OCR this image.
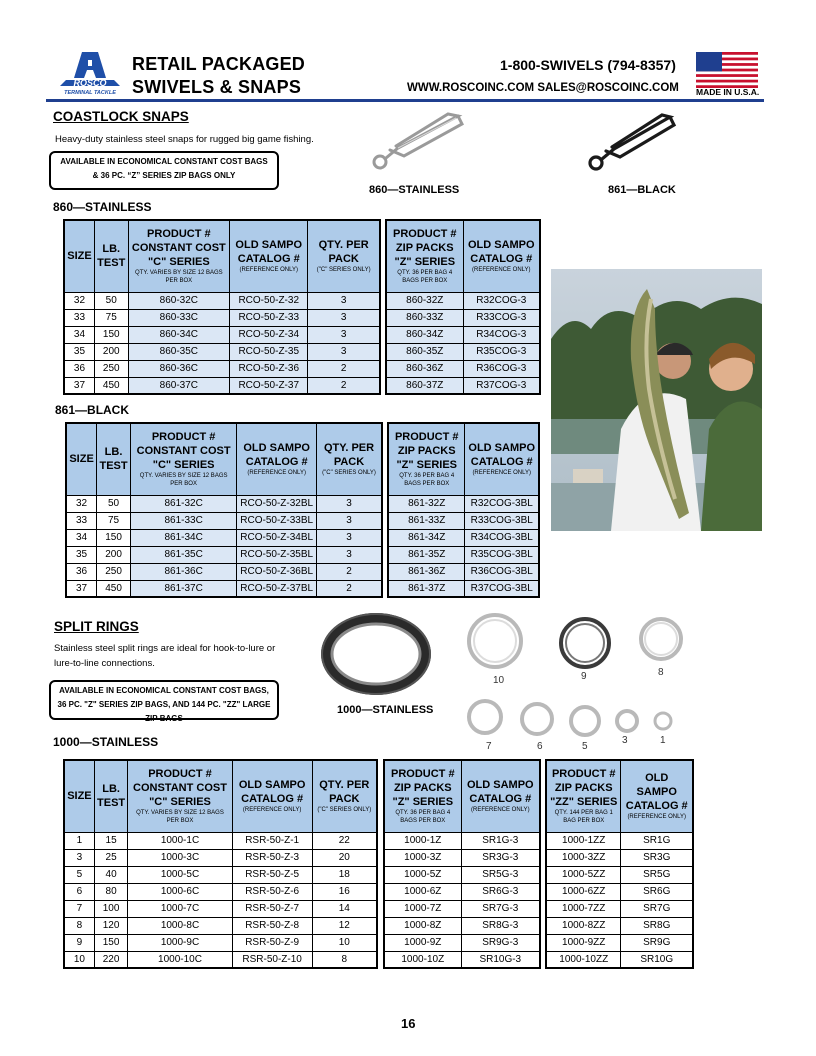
ROSCO
TERMINAL TACKLE
RETAIL PACKAGED
SWIVELS & SNAPS
1-800-SWIVELS (794-8357)
WWW.ROSCOINC.COM SALES@ROSCOINC.COM MADE IN U.S.A.
COASTLOCK SNAPS
Heavy-duty stainless steel snaps for rugged big game fishing.
AVAILABLE IN ECONOMICAL CONSTANT COST BAGS
& 36 PC. “Z” SERIES ZIP BAGS ONLY
860—STAINLESS	861—BLACK
860—STAINLESS
SIZE	LB. TEST	PRODUCT # CONSTANT COST "C" SERIES
QTY. VARIES BY SIZE 12 BAGS PER BOX	OLD SAMPO CATALOG #
(REFERENCE ONLY)	QTY. PER PACK
("C" SERIES ONLY)

32	50	860-32C	RCO-50-Z-32	3
33	75	860-33C	RCO-50-Z-33	3
34	150	860-34C	RCO-50-Z-34	3
35	200	860-35C	RCO-50-Z-35	3
36	250	860-36C	RCO-50-Z-36	2
37	450	860-37C	RCO-50-Z-37	2
PRODUCT # ZIP PACKS "Z" SERIES
QTY. 36 PER BAG 4 BAGS PER BOX	OLD SAMPO CATALOG #
(REFERENCE ONLY)

860-32Z	R32COG-3
860-33Z	R33COG-3
860-34Z	R34COG-3
860-35Z	R35COG-3
860-36Z	R36COG-3
860-37Z	R37COG-3
861—BLACK
SIZE	LB. TEST	PRODUCT # CONSTANT COST "C" SERIES
QTY. VARIES BY SIZE 12 BAGS PER BOX	OLD SAMPO CATALOG #
(REFERENCE ONLY)	QTY. PER PACK
("C" SERIES ONLY)

32	50	861-32C	RCO-50-Z-32BL	3
33	75	861-33C	RCO-50-Z-33BL	3
34	150	861-34C	RCO-50-Z-34BL	3
35	200	861-35C	RCO-50-Z-35BL	3
36	250	861-36C	RCO-50-Z-36BL	2
37	450	861-37C	RCO-50-Z-37BL	2
PRODUCT # ZIP PACKS "Z" SERIES
QTY. 36 PER BAG 4 BAGS PER BOX	OLD SAMPO CATALOG #
(REFERENCE ONLY)

861-32Z	R32COG-3BL
861-33Z	R33COG-3BL
861-34Z	R34COG-3BL
861-35Z	R35COG-3BL
861-36Z	R36COG-3BL
861-37Z	R37COG-3BL
SPLIT RINGS
Stainless steel split rings are ideal for hook-to-lure or
lure-to-line connections.
AVAILABLE IN ECONOMICAL CONSTANT COST BAGS,
36 PC. "Z" SERIES ZIP BAGS, AND 144 PC. "ZZ" LARGE ZIP BAGS
1000—STAINLESS
10	9	8
7	6	5
3	1
1000—STAINLESS
SIZE	LB. TEST	PRODUCT # CONSTANT COST "C" SERIES
QTY. VARIES BY SIZE 12 BAGS PER BOX	OLD SAMPO CATALOG #
(REFERENCE ONLY)	QTY. PER PACK
("C" SERIES ONLY)

1	15	1000-1C	RSR-50-Z-1	22
3	25	1000-3C	RSR-50-Z-3	20
5	40	1000-5C	RSR-50-Z-5	18
6	80	1000-6C	RSR-50-Z-6	16
7	100	1000-7C	RSR-50-Z-7	14
8	120	1000-8C	RSR-50-Z-8	12
9	150	1000-9C	RSR-50-Z-9	10
10	220	1000-10C	RSR-50-Z-10	8
PRODUCT # ZIP PACKS "Z" SERIES
QTY. 36 PER BAG 4 BAGS PER BOX	OLD SAMPO CATALOG #
(REFERENCE ONLY)

1000-1Z	SR1G-3
1000-3Z	SR3G-3
1000-5Z	SR5G-3
1000-6Z	SR6G-3
1000-7Z	SR7G-3
1000-8Z	SR8G-3
1000-9Z	SR9G-3
1000-10Z	SR10G-3
PRODUCT # ZIP PACKS "ZZ" SERIES
QTY. 144 PER BAG 1 BAG PER BOX	OLD SAMPO CATALOG #
(REFERENCE ONLY)

1000-1ZZ	SR1G
1000-3ZZ	SR3G
1000-5ZZ	SR5G
1000-6ZZ	SR6G
1000-7ZZ	SR7G
1000-8ZZ	SR8G
1000-9ZZ	SR9G
1000-10ZZ	SR10G
16
